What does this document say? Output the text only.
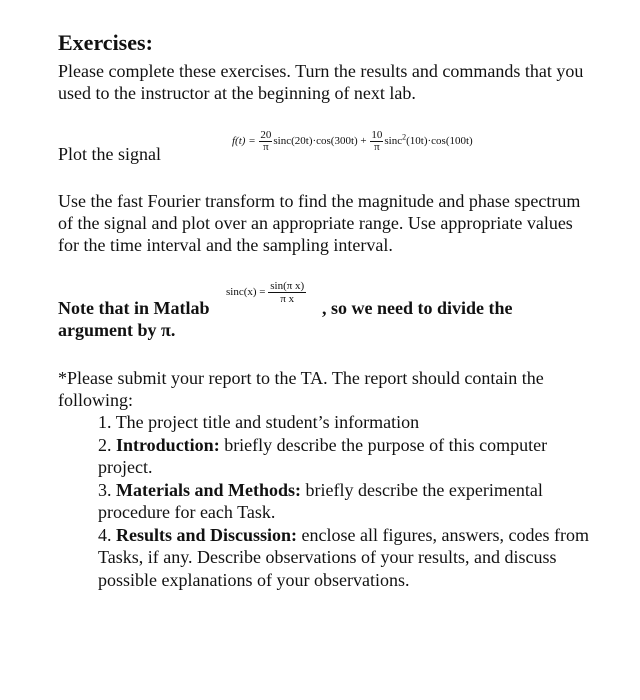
Exercises:

Please complete these exercises. Turn the results and commands that you used to the instructor at the beginning of next lab.

Plot the signal
$f(t) = \frac{20}{\pi} \sin c(20t)\cdot\cos(300t) + \frac{10}{\pi} \sin c^2(10t)\cdot\cos(100t)$

Use the fast Fourier transform to find the magnitude and phase spectrum of the signal and plot over an appropriate range. Use appropriate values for the time interval and the sampling interval.

Note that in Matlab
$\sin c(x) = \frac{\text{sin(π x)}}{\text{π x}}$
, so we need to divide the
argument by π.

*Please submit your report to the TA. The report should contain the following:

1. The project title and student’s information

2. Introduction: briefly describe the purpose of this computer project.

3. Materials and Methods: briefly describe the experimental procedure for each Task.

4. Results and Discussion: enclose all figures, answers, codes from Tasks, if any. Describe observations of your results, and discuss possible explanations of your observations.
